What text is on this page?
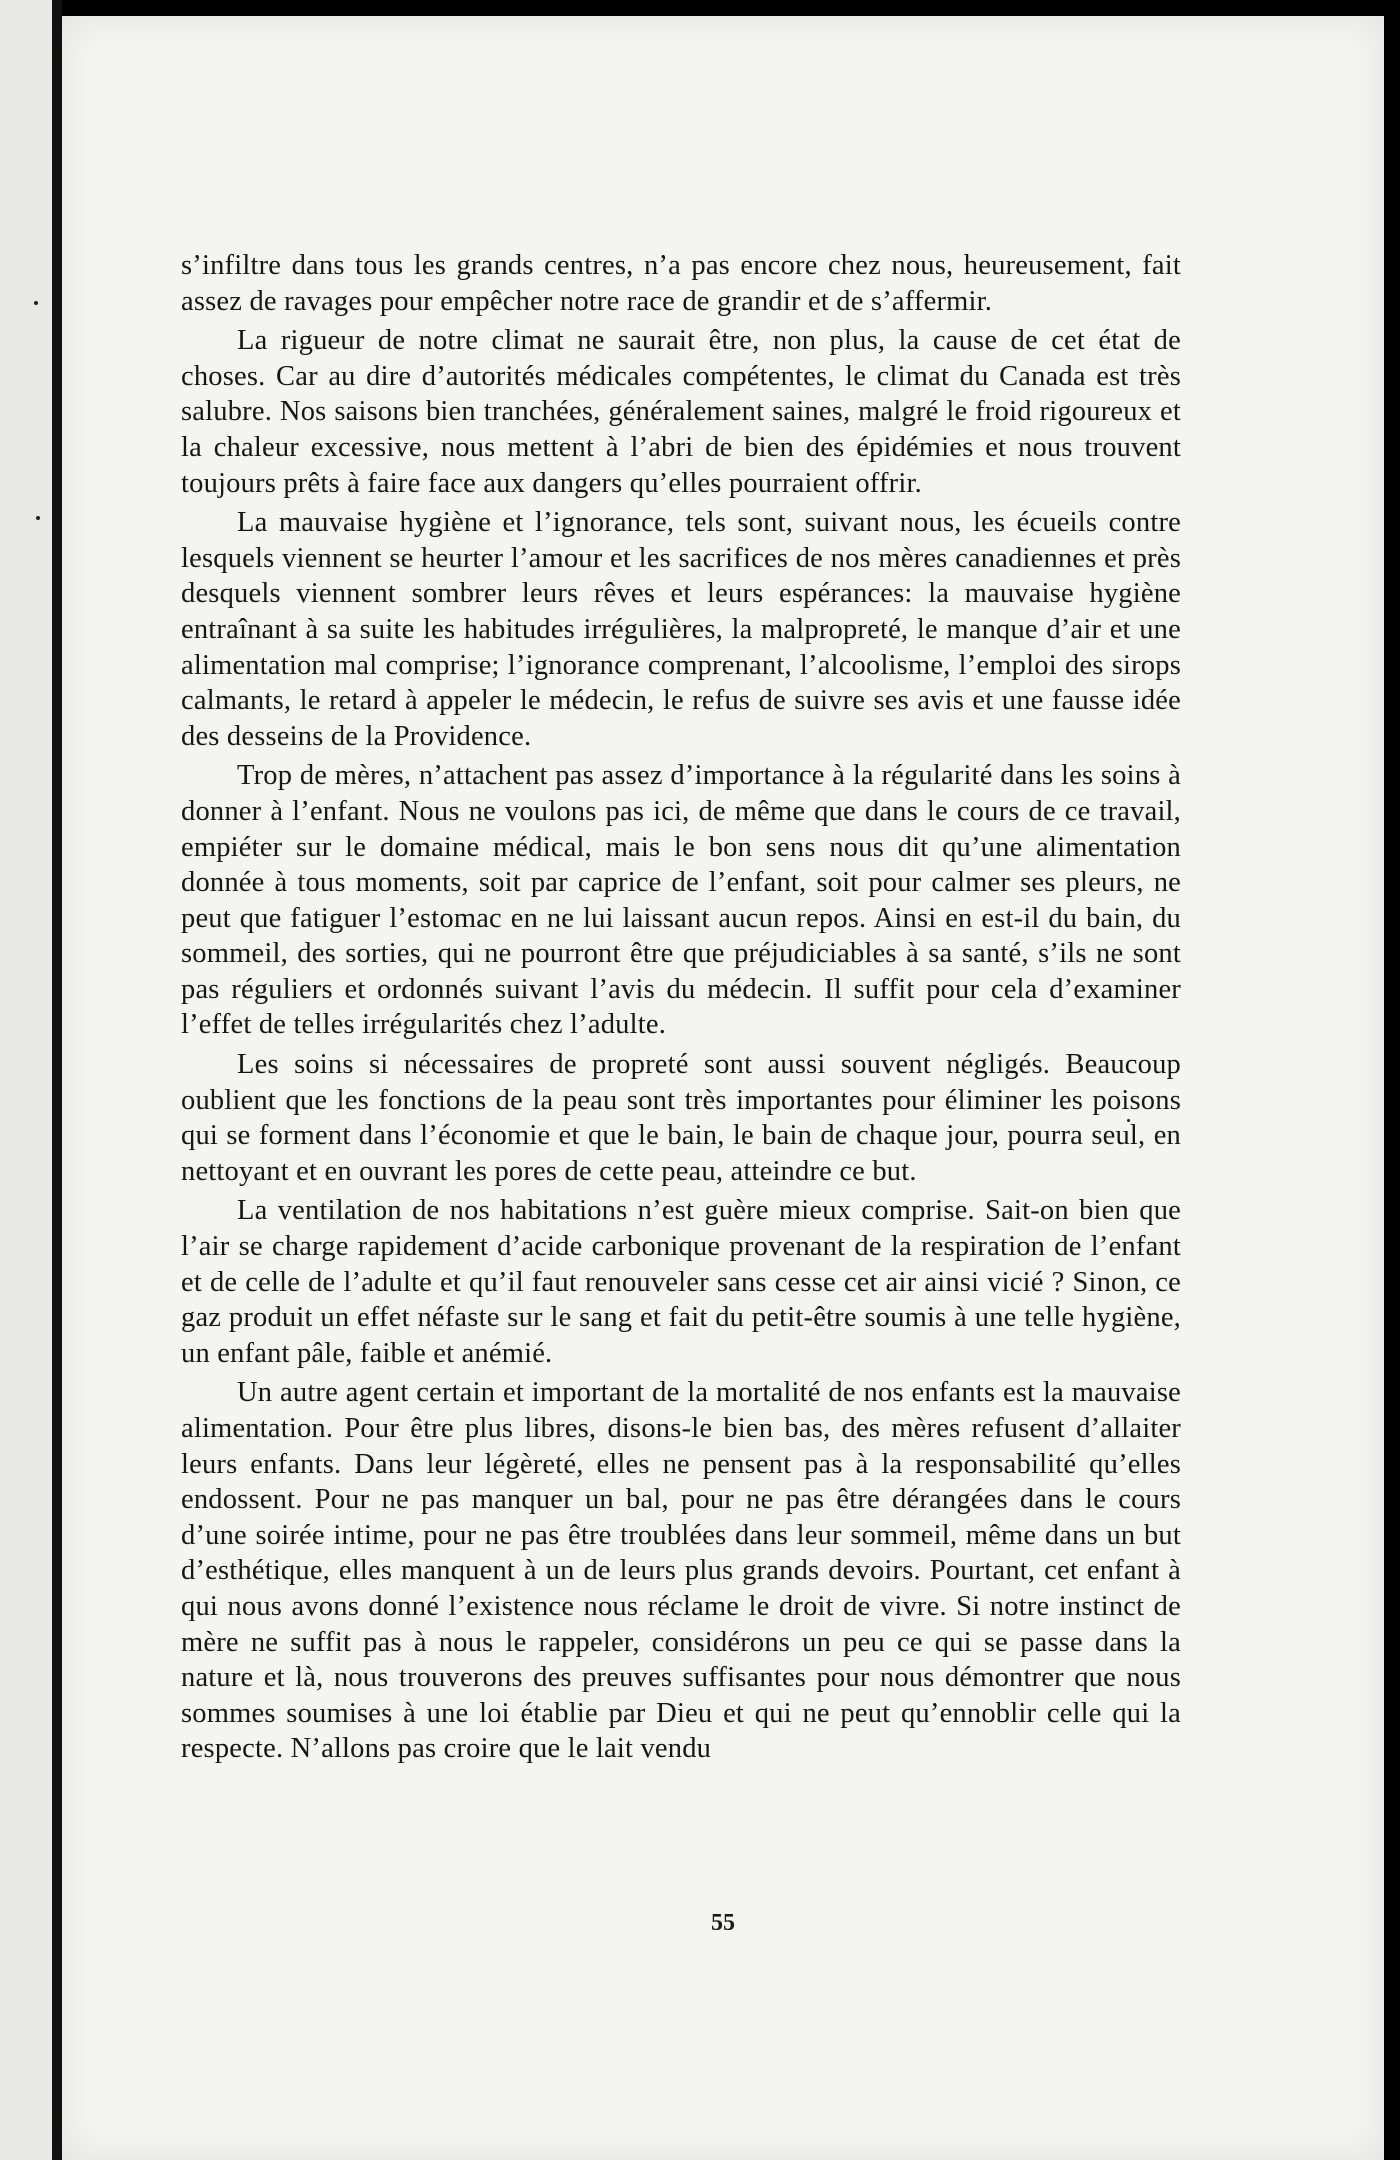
s’infiltre dans tous les grands centres, n’a pas encore chez nous, heureusement, fait assez de ravages pour empêcher notre race de grandir et de s’affermir.

La rigueur de notre climat ne saurait être, non plus, la cause de cet état de choses. Car au dire d’autorités médicales compétentes, le climat du Canada est très salubre. Nos saisons bien tranchées, généralement saines, malgré le froid rigoureux et la chaleur excessive, nous mettent à l’abri de bien des épidémies et nous trouvent toujours prêts à faire face aux dangers qu’elles pourraient offrir.

La mauvaise hygiène et l’ignorance, tels sont, suivant nous, les écueils contre lesquels viennent se heurter l’amour et les sacrifices de nos mères canadiennes et près desquels viennent sombrer leurs rêves et leurs espérances: la mauvaise hygiène entraînant à sa suite les habitudes irrégulières, la malpropreté, le manque d’air et une alimentation mal comprise; l’ignorance comprenant, l’alcoolisme, l’emploi des sirops calmants, le retard à appeler le médecin, le refus de suivre ses avis et une fausse idée des desseins de la Providence.

Trop de mères, n’attachent pas assez d’importance à la régularité dans les soins à donner à l’enfant. Nous ne voulons pas ici, de même que dans le cours de ce travail, empiéter sur le domaine médical, mais le bon sens nous dit qu’une alimentation donnée à tous moments, soit par caprice de l’enfant, soit pour calmer ses pleurs, ne peut que fatiguer l’estomac en ne lui laissant aucun repos. Ainsi en est-il du bain, du sommeil, des sorties, qui ne pourront être que préjudiciables à sa santé, s’ils ne sont pas réguliers et ordonnés suivant l’avis du médecin. Il suffit pour cela d’examiner l’effet de telles irrégularités chez l’adulte.

Les soins si nécessaires de propreté sont aussi souvent négligés. Beaucoup oublient que les fonctions de la peau sont très importantes pour éliminer les poisons qui se forment dans l’économie et que le bain, le bain de chaque jour, pourra seul, en nettoyant et en ouvrant les pores de cette peau, atteindre ce but.

La ventilation de nos habitations n’est guère mieux comprise. Sait-on bien que l’air se charge rapidement d’acide carbonique provenant de la respiration de l’enfant et de celle de l’adulte et qu’il faut renouveler sans cesse cet air ainsi vicié ? Sinon, ce gaz produit un effet néfaste sur le sang et fait du petit-être soumis à une telle hygiène, un enfant pâle, faible et anémié.

Un autre agent certain et important de la mortalité de nos enfants est la mauvaise alimentation. Pour être plus libres, disons-le bien bas, des mères refusent d’allaiter leurs enfants. Dans leur légèreté, elles ne pensent pas à la responsabilité qu’elles endossent. Pour ne pas manquer un bal, pour ne pas être dérangées dans le cours d’une soirée intime, pour ne pas être troublées dans leur sommeil, même dans un but d’esthétique, elles manquent à un de leurs plus grands devoirs. Pourtant, cet enfant à qui nous avons donné l’existence nous réclame le droit de vivre. Si notre instinct de mère ne suffit pas à nous le rappeler, considérons un peu ce qui se passe dans la nature et là, nous trouverons des preuves suffisantes pour nous démontrer que nous sommes soumises à une loi établie par Dieu et qui ne peut qu’ennoblir celle qui la respecte. N’allons pas croire que le lait vendu

55
